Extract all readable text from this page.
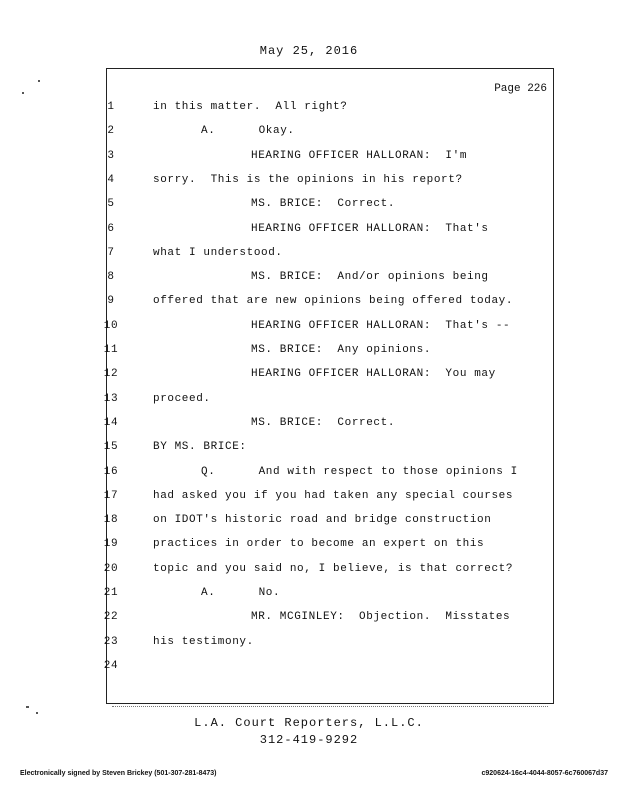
May 25, 2016
Page 226
1	in this matter.  All right?
2	A.      Okay.
3	HEARING OFFICER HALLORAN:  I'm
4	sorry.  This is the opinions in his report?
5	MS. BRICE:  Correct.
6	HEARING OFFICER HALLORAN:  That's
7	what I understood.
8	MS. BRICE:  And/or opinions being
9	offered that are new opinions being offered today.
10	HEARING OFFICER HALLORAN:  That's --
11	MS. BRICE:  Any opinions.
12	HEARING OFFICER HALLORAN:  You may
13	proceed.
14	MS. BRICE:  Correct.
15	BY MS. BRICE:
16	Q.      And with respect to those opinions I
17	had asked you if you had taken any special courses
18	on IDOT's historic road and bridge construction
19	practices in order to become an expert on this
20	topic and you said no, I believe, is that correct?
21	A.      No.
22	MR. MCGINLEY:  Objection.  Misstates
23	his testimony.
24
L.A. Court Reporters, L.L.C.
312-419-9292
Electronically signed by Steven Brickey (501-307-281-8473)	c920624-16c4-4044-8057-6c760067d37
